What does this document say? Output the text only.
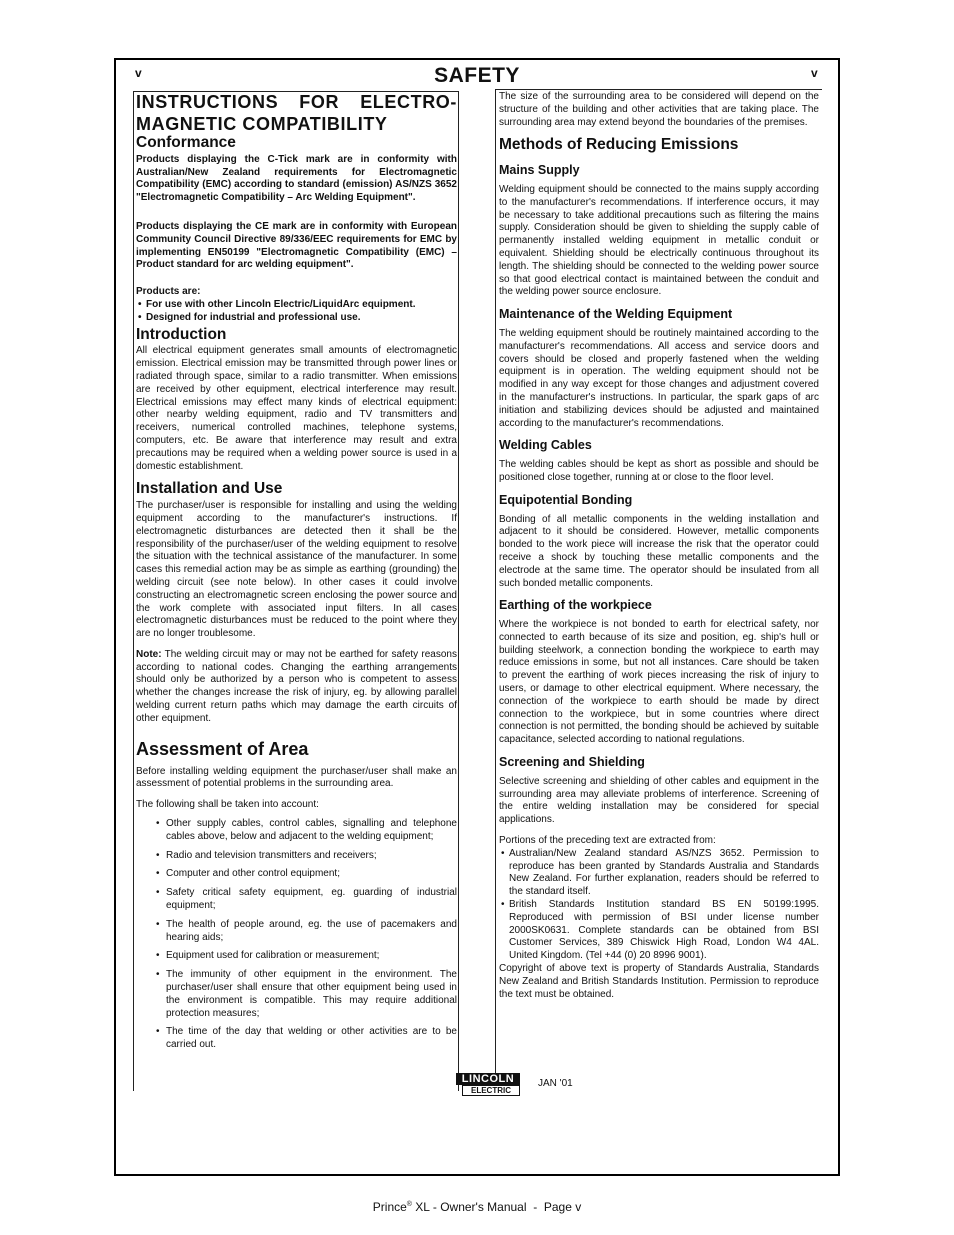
v	SAFETY	v
INSTRUCTIONS FOR ELECTRO-MAGNETIC COMPATIBILITY
Conformance

Products displaying the C-Tick mark are in conformity with Australian/New Zealand requirements for Electromagnetic Compatibility (EMC) according to standard (emission) AS/NZS 3652 "Electromagnetic Compatibility – Arc Welding Equipment".

Products displaying the CE mark are in conformity with European Community Council Directive 89/336/EEC requirements for EMC by implementing EN50199 "Electromagnetic Compatibility (EMC) – Product standard for arc welding equipment".

Products are:
• For use with other Lincoln Electric/LiquidArc equipment.
• Designed for industrial and professional use.
Introduction

All electrical equipment generates small amounts of electromagnetic emission. Electrical emission may be transmitted through power lines or radiated through space, similar to a radio transmitter. When emissions are received by other equipment, electrical interference may result. Electrical emissions may effect many kinds of electrical equipment: other nearby welding equipment, radio and TV transmitters and receivers, numerical controlled machines, telephone systems, computers, etc. Be aware that interference may result and extra precautions may be required when a welding power source is used in a domestic establishment.

Installation and Use

The purchaser/user is responsible for installing and using the welding equipment according to the manufacturer's instructions. If electromagnetic disturbances are detected then it shall be the responsibility of the purchaser/user of the welding equipment to resolve the situation with the technical assistance of the manufacturer. In some cases this remedial action may be as simple as earthing (grounding) the welding circuit (see note below). In other cases it could involve constructing an electromagnetic screen enclosing the power source and the work complete with associated input filters. In all cases electromagnetic disturbances must be reduced to the point where they are no longer troublesome.

Note: The welding circuit may or may not be earthed for safety reasons according to national codes. Changing the earthing arrangements should only be authorized by a person who is competent to assess whether the changes increase the risk of injury, eg. by allowing parallel welding current return paths which may damage the earth circuits of other equipment.

Assessment of Area

Before installing welding equipment the purchaser/user shall make an assessment of potential problems in the surrounding area.

The following shall be taken into account:

• Other supply cables, control cables, signalling and telephone cables above, below and adjacent to the welding equipment;
• Radio and television transmitters and receivers;
• Computer and other control equipment;
• Safety critical safety equipment, eg. guarding of industrial equipment;
• The health of people around, eg. the use of pacemakers and hearing aids;
• Equipment used for calibration or measurement;
• The immunity of other equipment in the environment. The purchaser/user shall ensure that other equipment being used in the environment is compatible. This may require additional protection measures;
• The time of the day that welding or other activities are to be carried out.

The size of the surrounding area to be considered will depend on the structure of the building and other activities that are taking place. The surrounding area may extend beyond the boundaries of the premises.

Methods of Reducing Emissions
Mains Supply

Welding equipment should be connected to the mains supply according to the manufacturer's recommendations. If interference occurs, it may be necessary to take additional precautions such as filtering the mains supply. Consideration should be given to shielding the supply cable of permanently installed welding equipment in metallic conduit or equivalent. Shielding should be electrically continuous throughout its length. The shielding should be connected to the welding power source so that good electrical contact is maintained between the conduit and the welding power source enclosure.

Maintenance of the Welding Equipment

The welding equipment should be routinely maintained according to the manufacturer's recommendations. All access and service doors and covers should be closed and properly fastened when the welding equipment is in operation. The welding equipment should not be modified in any way except for those changes and adjustment covered in the manufacturer's instructions. In particular, the spark gaps of arc initiation and stabilizing devices should be adjusted and maintained according to the manufacturer's recommendations.

Welding Cables

The welding cables should be kept as short as possible and should be positioned close together, running at or close to the floor level.

Equipotential Bonding

Bonding of all metallic components in the welding installation and adjacent to it should be considered. However, metallic components bonded to the work piece will increase the risk that the operator could receive a shock by touching these metallic components and the electrode at the same time. The operator should be insulated from all such bonded metallic components.

Earthing of the workpiece

Where the workpiece is not bonded to earth for electrical safety, nor connected to earth because of its size and position, eg. ship's hull or building steelwork, a connection bonding the workpiece to earth may reduce emissions in some, but not all instances. Care should be taken to prevent the earthing of work pieces increasing the risk of injury to users, or damage to other electrical equipment. Where necessary, the connection of the workpiece to earth should be made by direct connection to the workpiece, but in some countries where direct connection is not permitted, the bonding should be achieved by suitable capacitance, selected according to national regulations.

Screening and Shielding

Selective screening and shielding of other cables and equipment in the surrounding area may alleviate problems of interference. Screening of the entire welding installation may be considered for special applications.

Portions of the preceding text are extracted from:
• Australian/New Zealand standard AS/NZS 3652. Permission to reproduce has been granted by Standards Australia and Standards New Zealand. For further explanation, readers should be referred to the standard itself.
• British Standards Institution standard BS EN 50199:1995. Reproduced with permission of BSI under license number 2000SK0631. Complete standards can be obtained from BSI Customer Services, 389 Chiswick High Road, London W4 4AL. United Kingdom. (Tel +44 (0) 20 8996 9001).

Copyright of above text is property of Standards Australia, Standards New Zealand and British Standards Institution. Permission to reproduce the text must be obtained.

LINCOLN
ELECTRIC
JAN '01
Prince® XL - Owner's Manual  -  Page v
